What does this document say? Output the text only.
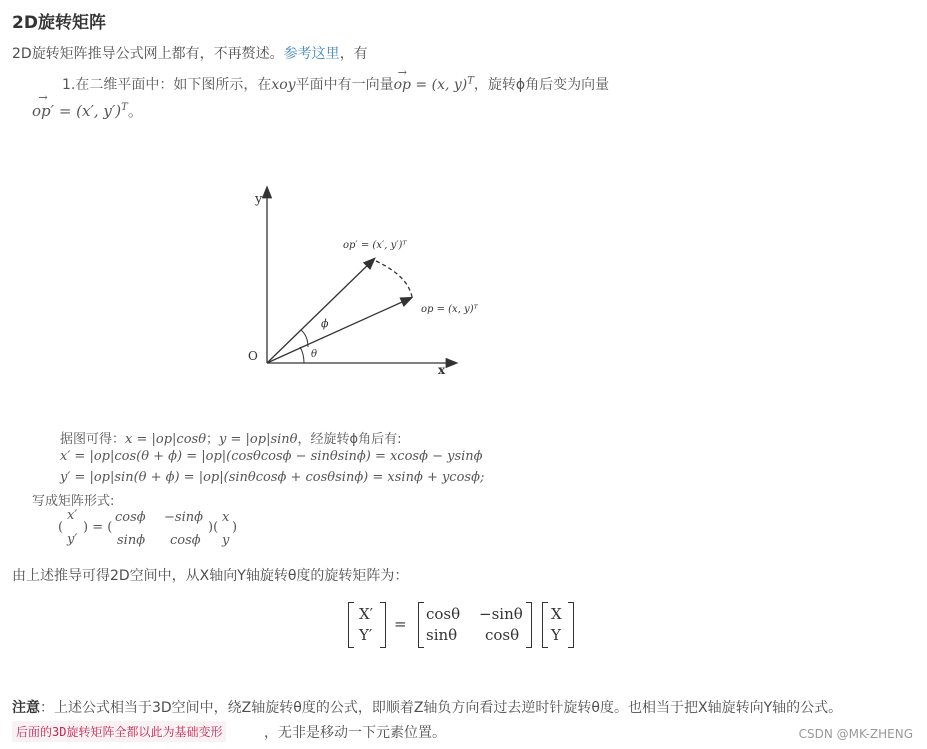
2D旋转矩阵
2D旋转矩阵推导公式网上都有，不再赘述。参考这里，有
1.在二维平面中：如下图所示，在xoy平面中有一向量op → = (x, y)$^T$，旋转ϕ角后变为向量
op′ → = (x′, y′)$^T$。
y
x
O
op′ = (x′, y′)ᵀ
op = (x, y)ᵀ
ϕ
θ
据图可得：x = |op|cosθ；y = |op|sinθ，经旋转ϕ角后有:
x′ = |op|cos(θ + ϕ) = |op|(cosθcosϕ − sinθsinϕ) = xcosϕ − ysinϕ
y′ = |op|sin(θ + ϕ) = |op|(sinθcosϕ + cosθsinϕ) = xsinϕ + ycosϕ;
写成矩阵形式:
(
x′
y′
) = (
cosϕ −sinϕ
sinϕ cosϕ
)(
x
y
)
由上述推导可得2D空间中，从X轴向Y轴旋转θ度的旋转矩阵为：
X′
Y′
=
cosθ −sinθ
sinθ cosθ
X
Y
注意：上述公式相当于3D空间中，绕Z轴旋转θ度的公式，即顺着Z轴负方向看过去逆时针旋转θ度。也相当于把X轴旋转向Y轴的公式。
后面的3D旋转矩阵全都以此为基础变形	，无非是移动一下元素位置。	CSDN @MK-ZHENG
